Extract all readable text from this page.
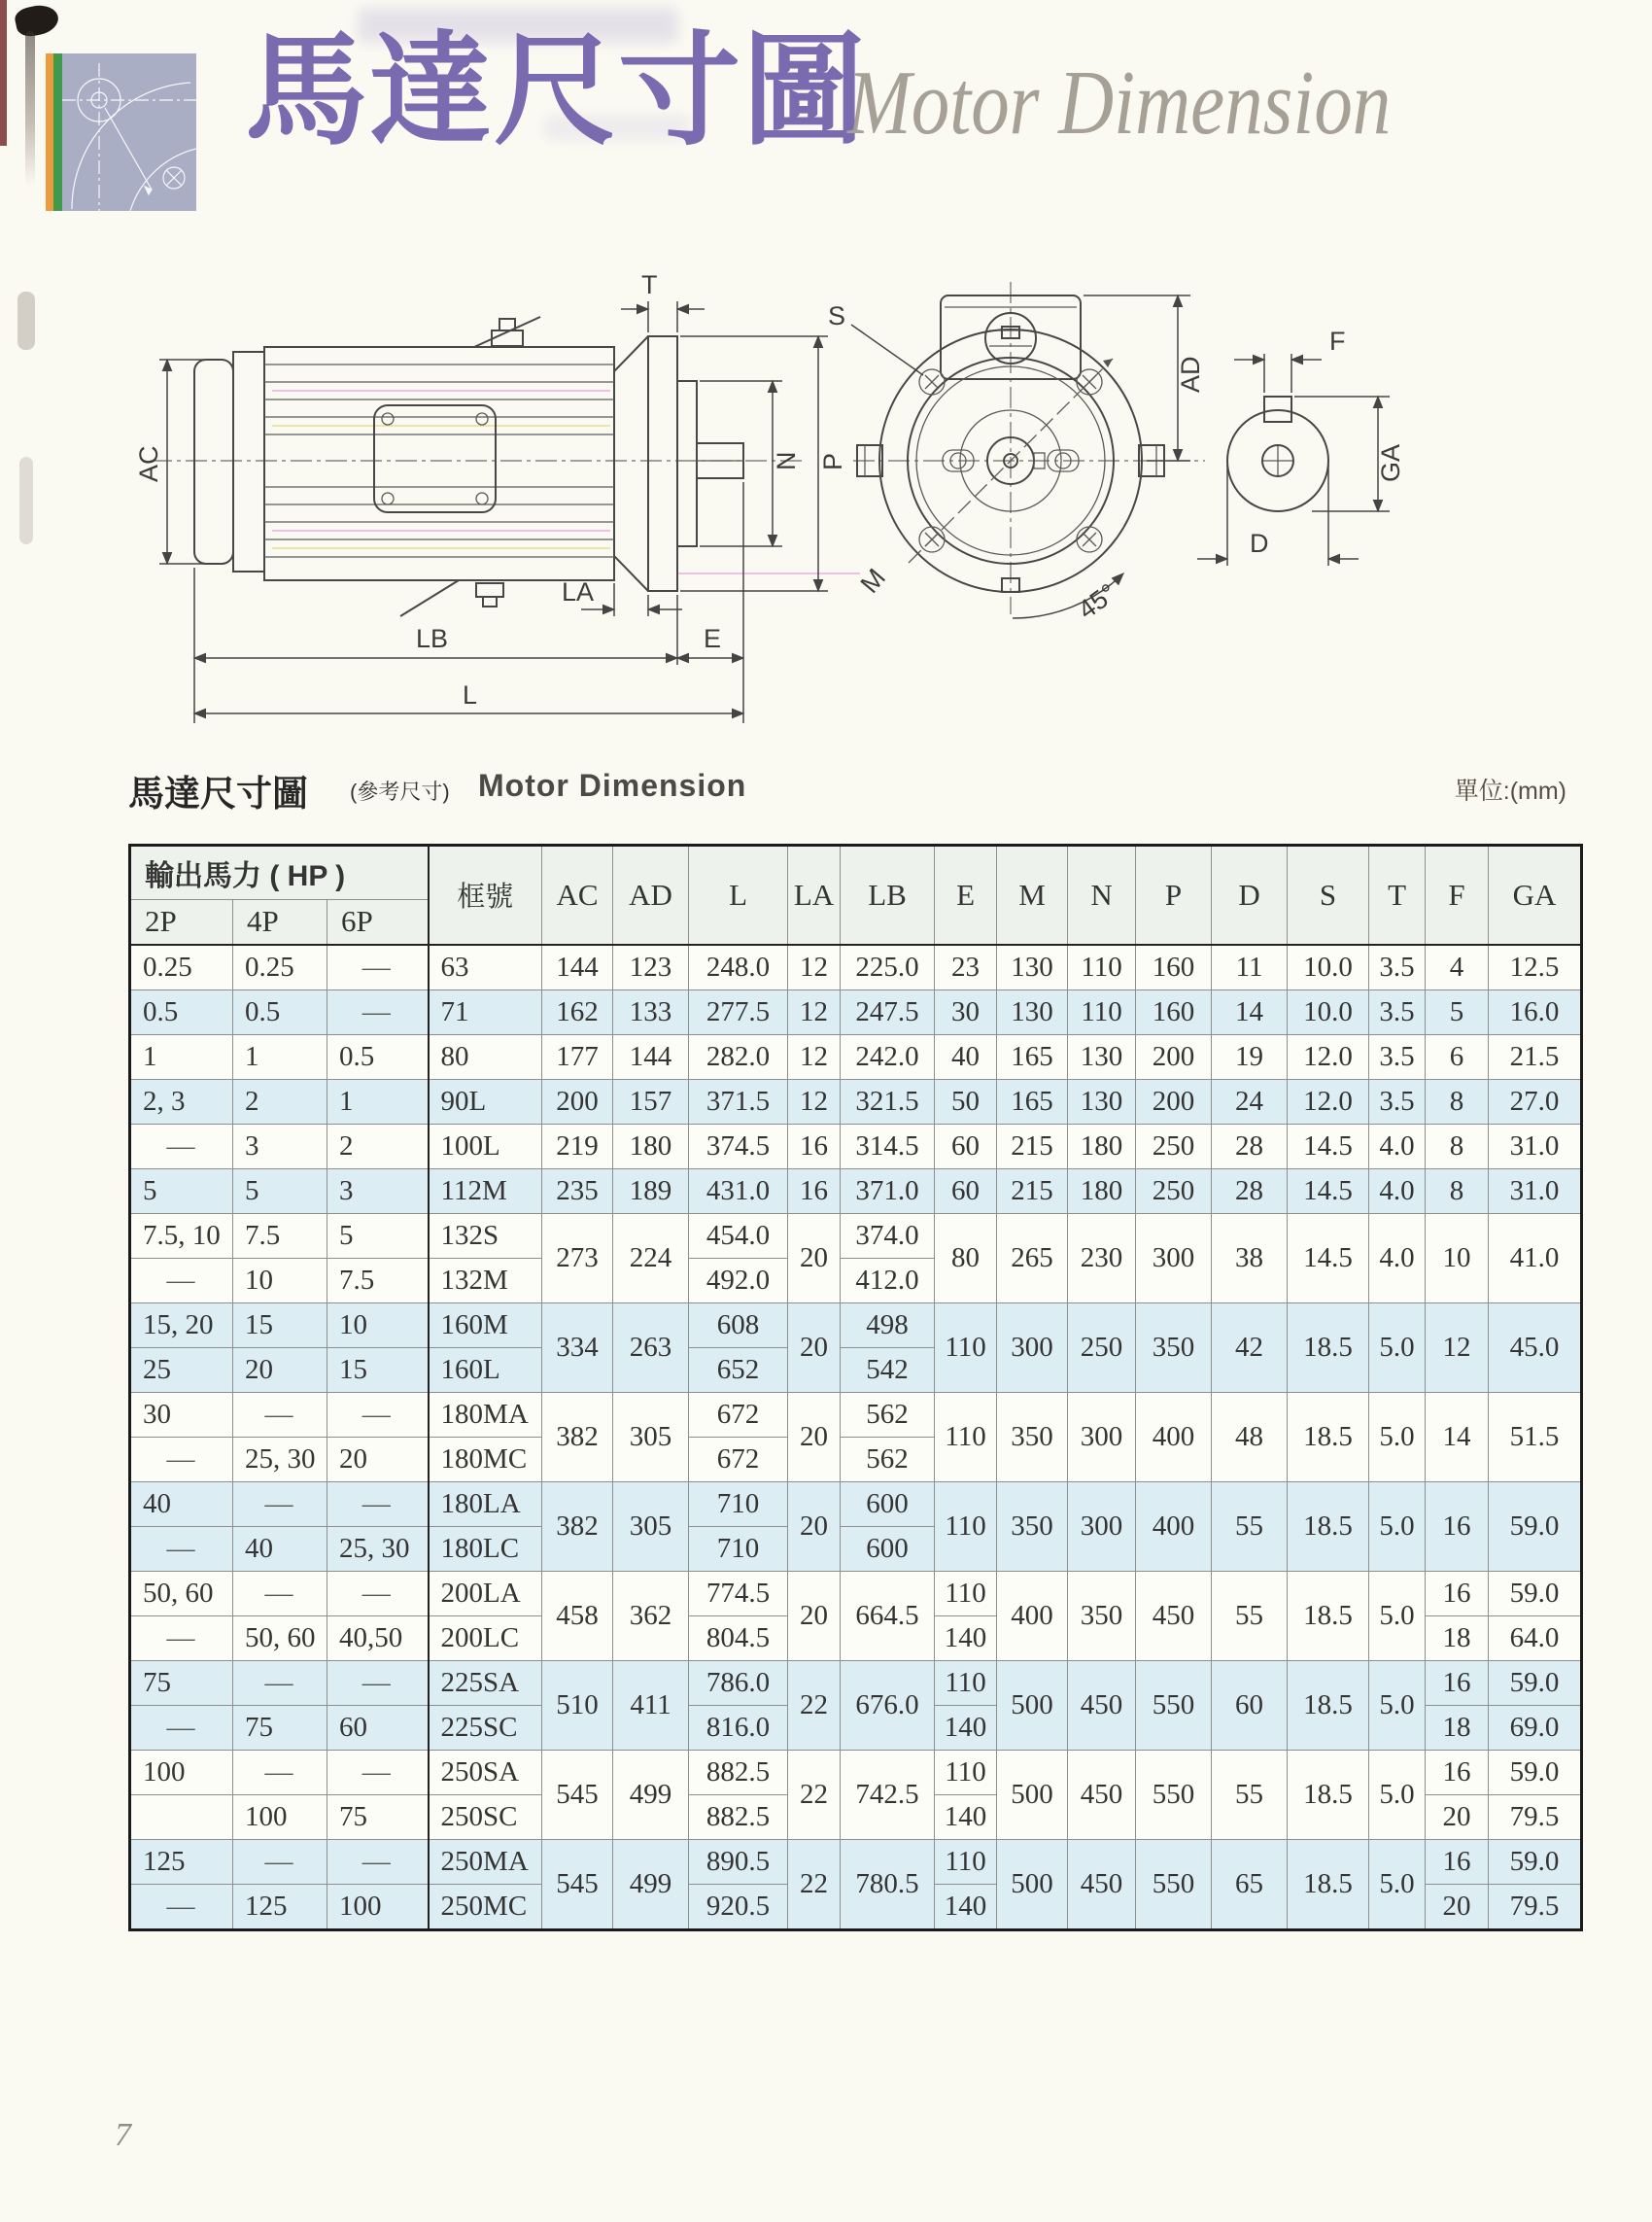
馬達尺寸圖
Motor Dimension
T
AC	N P
LA
LB	E
L
M
S
AD
45°
F
GA
D
馬達尺寸圖 (參考尺寸) Motor Dimension	單位:(mm)
輸出馬力 ( HP )			框號	AC	AD	L	LA	LB	E	M	N	P	D	S	T	F	GA
2P	4P	6P															
0.25	0.25	—	63	144	123	248.0	12	225.0	23	130	110	160	11	10.0	3.5	4	12.5
0.5	0.5	—	71	162	133	277.5	12	247.5	30	130	110	160	14	10.0	3.5	5	16.0
1	1	0.5	80	177	144	282.0	12	242.0	40	165	130	200	19	12.0	3.5	6	21.5
2, 3	2	1	90L	200	157	371.5	12	321.5	50	165	130	200	24	12.0	3.5	8	27.0
—	3	2	100L	219	180	374.5	16	314.5	60	215	180	250	28	14.5	4.0	8	31.0
5	5	3	112M	235	189	431.0	16	371.0	60	215	180	250	28	14.5	4.0	8	31.0
7.5, 10	7.5	5	132S	273	224	454.0	20	374.0	80	265	230	300	38	14.5	4.0	10	41.0
—	10	7.5	132M			492.0		412.0									
15, 20	15	10	160M	334	263	608	20	498	110	300	250	350	42	18.5	5.0	12	45.0
25	20	15	160L			652		542									
30	—	—	180MA	382	305	672	20	562	110	350	300	400	48	18.5	5.0	14	51.5
—	25, 30	20	180MC			672		562									
40	—	—	180LA	382	305	710	20	600	110	350	300	400	55	18.5	5.0	16	59.0
—	40	25, 30	180LC			710		600									
50, 60	—	—	200LA	458	362	774.5	20	664.5	110	400	350	450	55	18.5	5.0	16	59.0
—	50, 60	40,50	200LC			804.5			140							18	64.0
75	—	—	225SA	510	411	786.0	22	676.0	110	500	450	550	60	18.5	5.0	16	59.0
—	75	60	225SC			816.0			140							18	69.0
100	—	—	250SA	545	499	882.5	22	742.5	110	500	450	550	55	18.5	5.0	16	59.0
	100	75	250SC			882.5			140							20	79.5
125	—	—	250MA	545	499	890.5	22	780.5	110	500	450	550	65	18.5	5.0	16	59.0
—	125	100	250MC			920.5			140							20	79.5
7
